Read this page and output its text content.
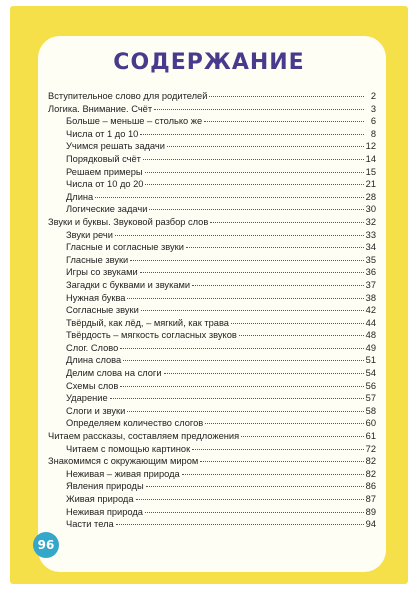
СОДЕРЖАНИЕ
Вступительное слово для родителей	2
Логика. Внимание. Счёт	3
Больше – меньше – столько же	6
Числа от 1 до 10	8
Учимся решать задачи	12
Порядковый счёт	14
Решаем примеры	15
Числа от 10 до 20	21
Длина	28
Логические задачи	30
Звуки и буквы. Звуковой разбор слов	32
Звуки речи	33
Гласные и согласные звуки	34
Гласные звуки	35
Игры со звуками	36
Загадки с буквами и звуками	37
Нужная буква	38
Согласные звуки	42
Твёрдый, как лёд, – мягкий, как трава	44
Твёрдость – мягкость согласных звуков	48
Слог. Слово	49
Длина слова	51
Делим слова на слоги	54
Схемы слов	56
Ударение	57
Слоги и звуки	58
Определяем количество слогов	60
Читаем рассказы, составляем предложения	61
Читаем с помощью картинок	72
Знакомимся с окружающим миром	82
Неживая – живая природа	82
Явления природы	86
Живая природа	87
Неживая природа	89
Части тела	94
96
